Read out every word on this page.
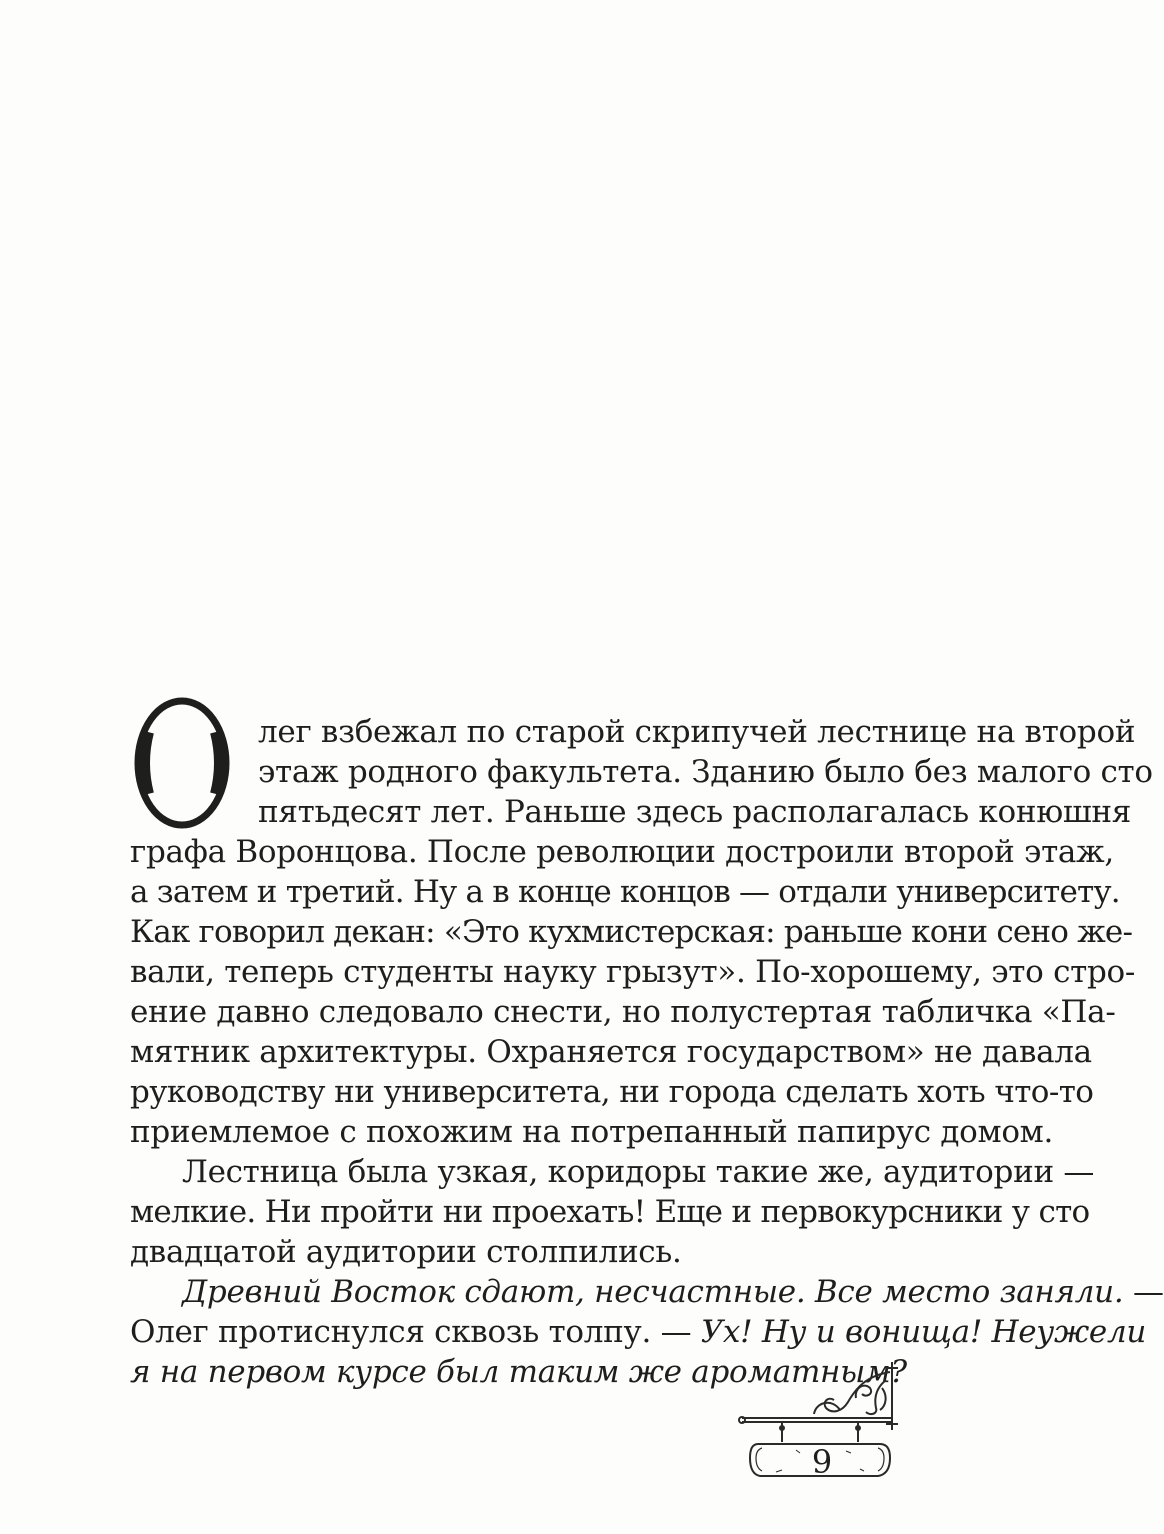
лег взбежал по старой скрипучей лестнице на второй
этаж родного факультета. Зданию было без малого сто
пятьдесят лет. Раньше здесь располагалась конюшня
графа Воронцова. После революции достроили второй этаж,
а затем и третий. Ну а в конце концов — отдали университету.
Как говорил декан: «Это кухмистерская: раньше кони сено же-
вали, теперь студенты науку грызут». По-хорошему, это стро-
ение давно следовало снести, но полустертая табличка «Па-
мятник архитектуры. Охраняется государством» не давала
руководству ни университета, ни города сделать хоть что-то
приемлемое с похожим на потрепанный папирус домом.
Лестница была узкая, коридоры такие же, аудитории —
мелкие. Ни пройти ни проехать! Еще и первокурсники у сто
двадцатой аудитории столпились.
Древний Восток сдают, несчастные. Все место заняли. —
Олег протиснулся сквозь толпу. — Ух! Ну и вонища! Неужели
я на первом курсе был таким же ароматным?
9
